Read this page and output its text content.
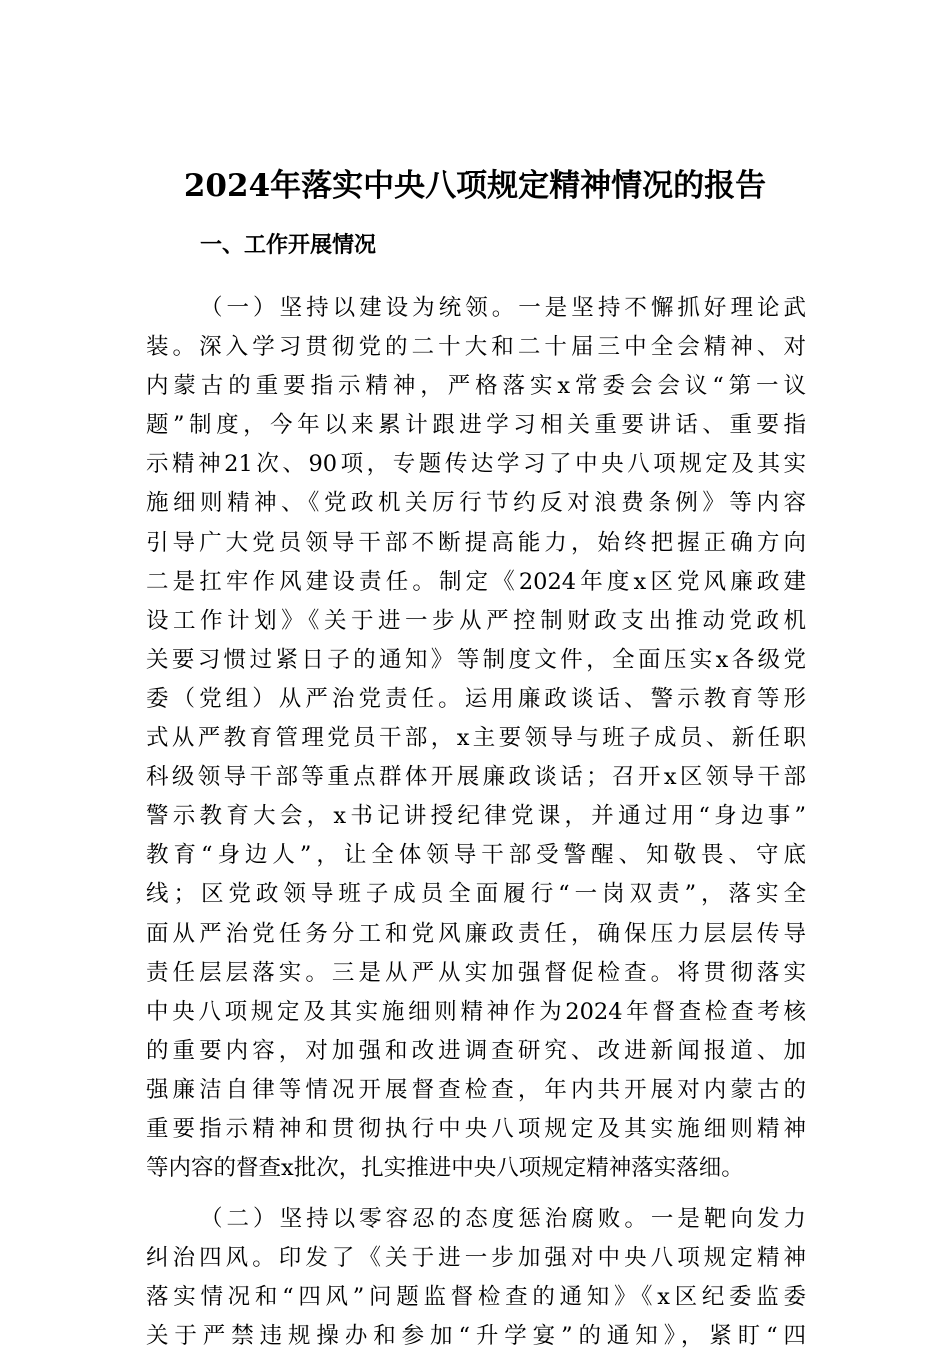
2024年落实中央八项规定精神情况的报告
一、工作开展情况
（一）坚持以建设为统领。一是坚持不懈抓好理论武
装。深入学习贯彻党的二十大和二十届三中全会精神、对
内蒙古的重要指示精神，严格落实x常委会会议“第一议
题”制度，今年以来累计跟进学习相关重要讲话、重要指
示精神21次、90项，专题传达学习了中央八项规定及其实
施细则精神、《党政机关厉行节约反对浪费条例》等内容
引导广大党员领导干部不断提高能力，始终把握正确方向
二是扛牢作风建设责任。制定《2024年度x区党风廉政建
设工作计划》《关于进一步从严控制财政支出推动党政机
关要习惯过紧日子的通知》等制度文件，全面压实x各级党
委（党组）从严治党责任。运用廉政谈话、警示教育等形
式从严教育管理党员干部，x主要领导与班子成员、新任职
科级领导干部等重点群体开展廉政谈话；召开x区领导干部
警示教育大会，x书记讲授纪律党课，并通过用“身边事”
教育“身边人”，让全体领导干部受警醒、知敬畏、守底
线；区党政领导班子成员全面履行“一岗双责”，落实全
面从严治党任务分工和党风廉政责任，确保压力层层传导
责任层层落实。三是从严从实加强督促检查。将贯彻落实
中央八项规定及其实施细则精神作为2024年督查检查考核
的重要内容，对加强和改进调查研究、改进新闻报道、加
强廉洁自律等情况开展督查检查，年内共开展对内蒙古的
重要指示精神和贯彻执行中央八项规定及其实施细则精神
等内容的督查x批次，扎实推进中央八项规定精神落实落细。
（二）坚持以零容忍的态度惩治腐败。一是靶向发力
纠治四风。印发了《关于进一步加强对中央八项规定精神
落实情况和“四风”问题监督检查的通知》《x区纪委监委
关于严禁违规操办和参加“升学宴”的通知》，紧盯“四
